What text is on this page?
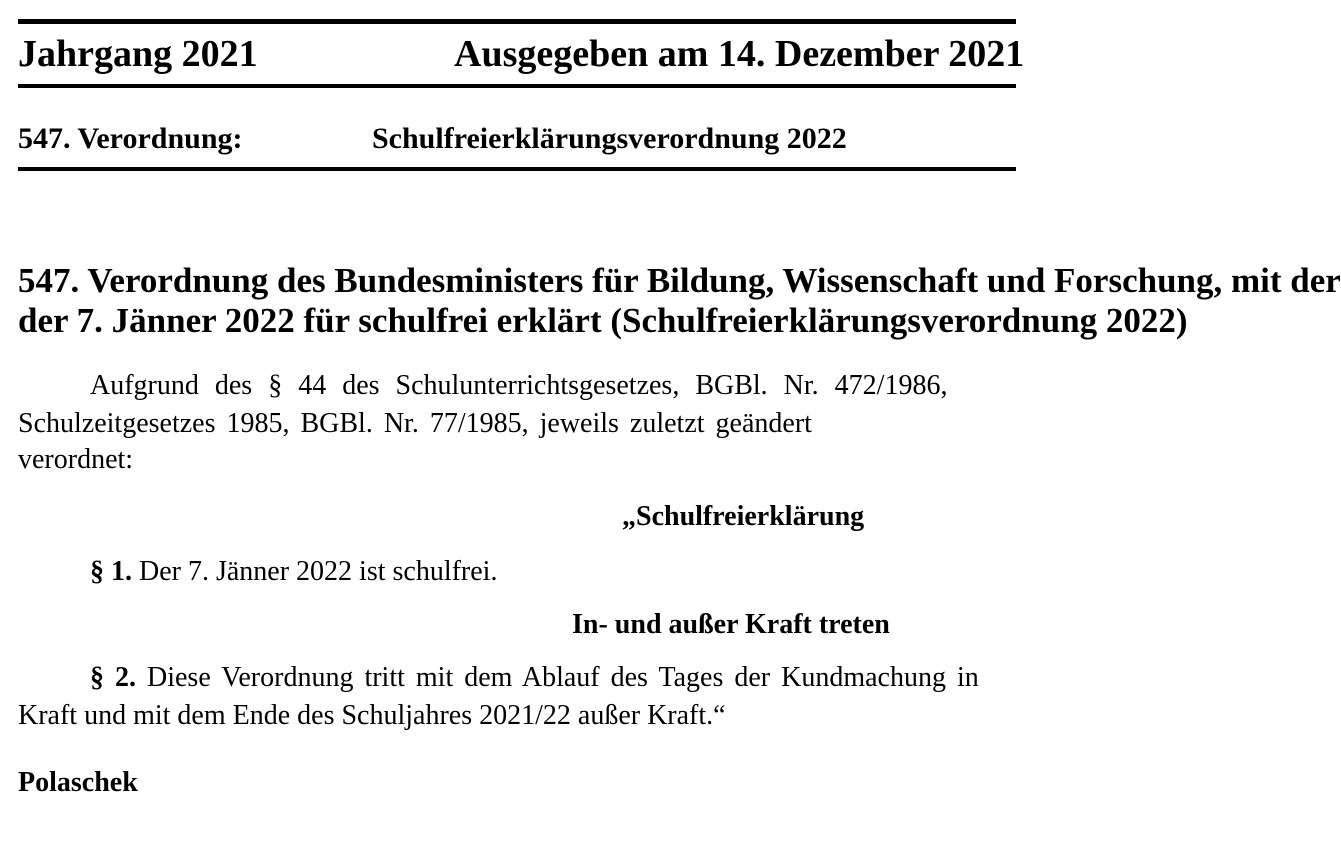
Jahrgang 2021	Ausgegeben am 14. Dezember 2021
547. Verordnung:	Schulfreierklärungsverordnung 2022
547. Verordnung des Bundesministers für Bildung, Wissenschaft und Forschung, mit der
der 7. Jänner 2022 für schulfrei erklärt (Schulfreierklärungsverordnung 2022)
Aufgrund des § 44 des Schulunterrichtsgesetzes, BGBl. Nr. 472/1986,
Schulzeitgesetzes 1985, BGBl. Nr. 77/1985, jeweils zuletzt geändert
verordnet:
„Schulfreierklärung
§ 1. Der 7. Jänner 2022 ist schulfrei.
In- und außer Kraft treten
§ 2. Diese Verordnung tritt mit dem Ablauf des Tages der Kundmachung in
Kraft und mit dem Ende des Schuljahres 2021/22 außer Kraft.“
Polaschek
